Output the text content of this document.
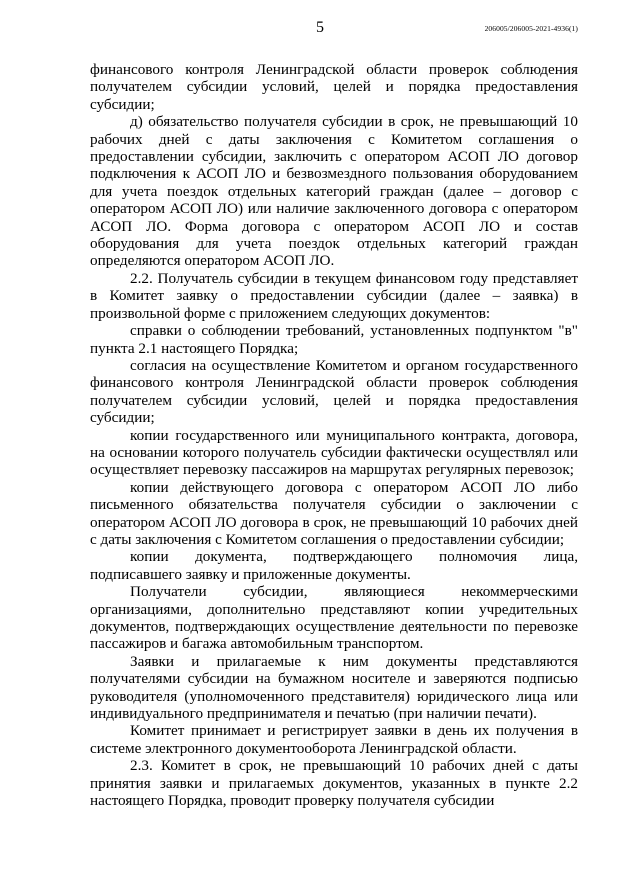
5	206005/206005-2021-4936(1)

финансового контроля Ленинградской области проверок соблюдения получателем субсидии условий, целей и порядка предоставления субсидии;

д) обязательство получателя субсидии в срок, не превышающий 10 рабочих дней с даты заключения с Комитетом соглашения о предоставлении субсидии, заключить с оператором АСОП ЛО договор подключения к АСОП ЛО и безвозмездного пользования оборудованием для учета поездок отдельных категорий граждан (далее – договор с оператором АСОП ЛО) или наличие заключенного договора с оператором АСОП ЛО. Форма договора с оператором АСОП ЛО и состав оборудования для учета поездок отдельных категорий граждан определяются оператором АСОП ЛО.

2.2. Получатель субсидии в текущем финансовом году представляет в Комитет заявку о предоставлении субсидии (далее – заявка) в произвольной форме с приложением следующих документов:

справки о соблюдении требований, установленных подпунктом "в" пункта 2.1 настоящего Порядка;

согласия на осуществление Комитетом и органом государственного финансового контроля Ленинградской области проверок соблюдения получателем субсидии условий, целей и порядка предоставления субсидии;

копии государственного или муниципального контракта, договора, на основании которого получатель субсидии фактически осуществлял или осуществляет перевозку пассажиров на маршрутах регулярных перевозок;

копии действующего договора с оператором АСОП ЛО либо письменного обязательства получателя субсидии о заключении с оператором АСОП ЛО договора в срок, не превышающий 10 рабочих дней с даты заключения с Комитетом соглашения о предоставлении субсидии;

копии документа, подтверждающего полномочия лица, подписавшего заявку и приложенные документы.

Получатели субсидии, являющиеся некоммерческими организациями, дополнительно представляют копии учредительных документов, подтверждающих осуществление деятельности по перевозке пассажиров и багажа автомобильным транспортом.

Заявки и прилагаемые к ним документы представляются получателями субсидии на бумажном носителе и заверяются подписью руководителя (уполномоченного представителя) юридического лица или индивидуального предпринимателя и печатью (при наличии печати).

Комитет принимает и регистрирует заявки в день их получения в системе электронного документооборота Ленинградской области.

2.3. Комитет в срок, не превышающий 10 рабочих дней с даты принятия заявки и прилагаемых документов, указанных в пункте 2.2 настоящего Порядка, проводит проверку получателя субсидии
